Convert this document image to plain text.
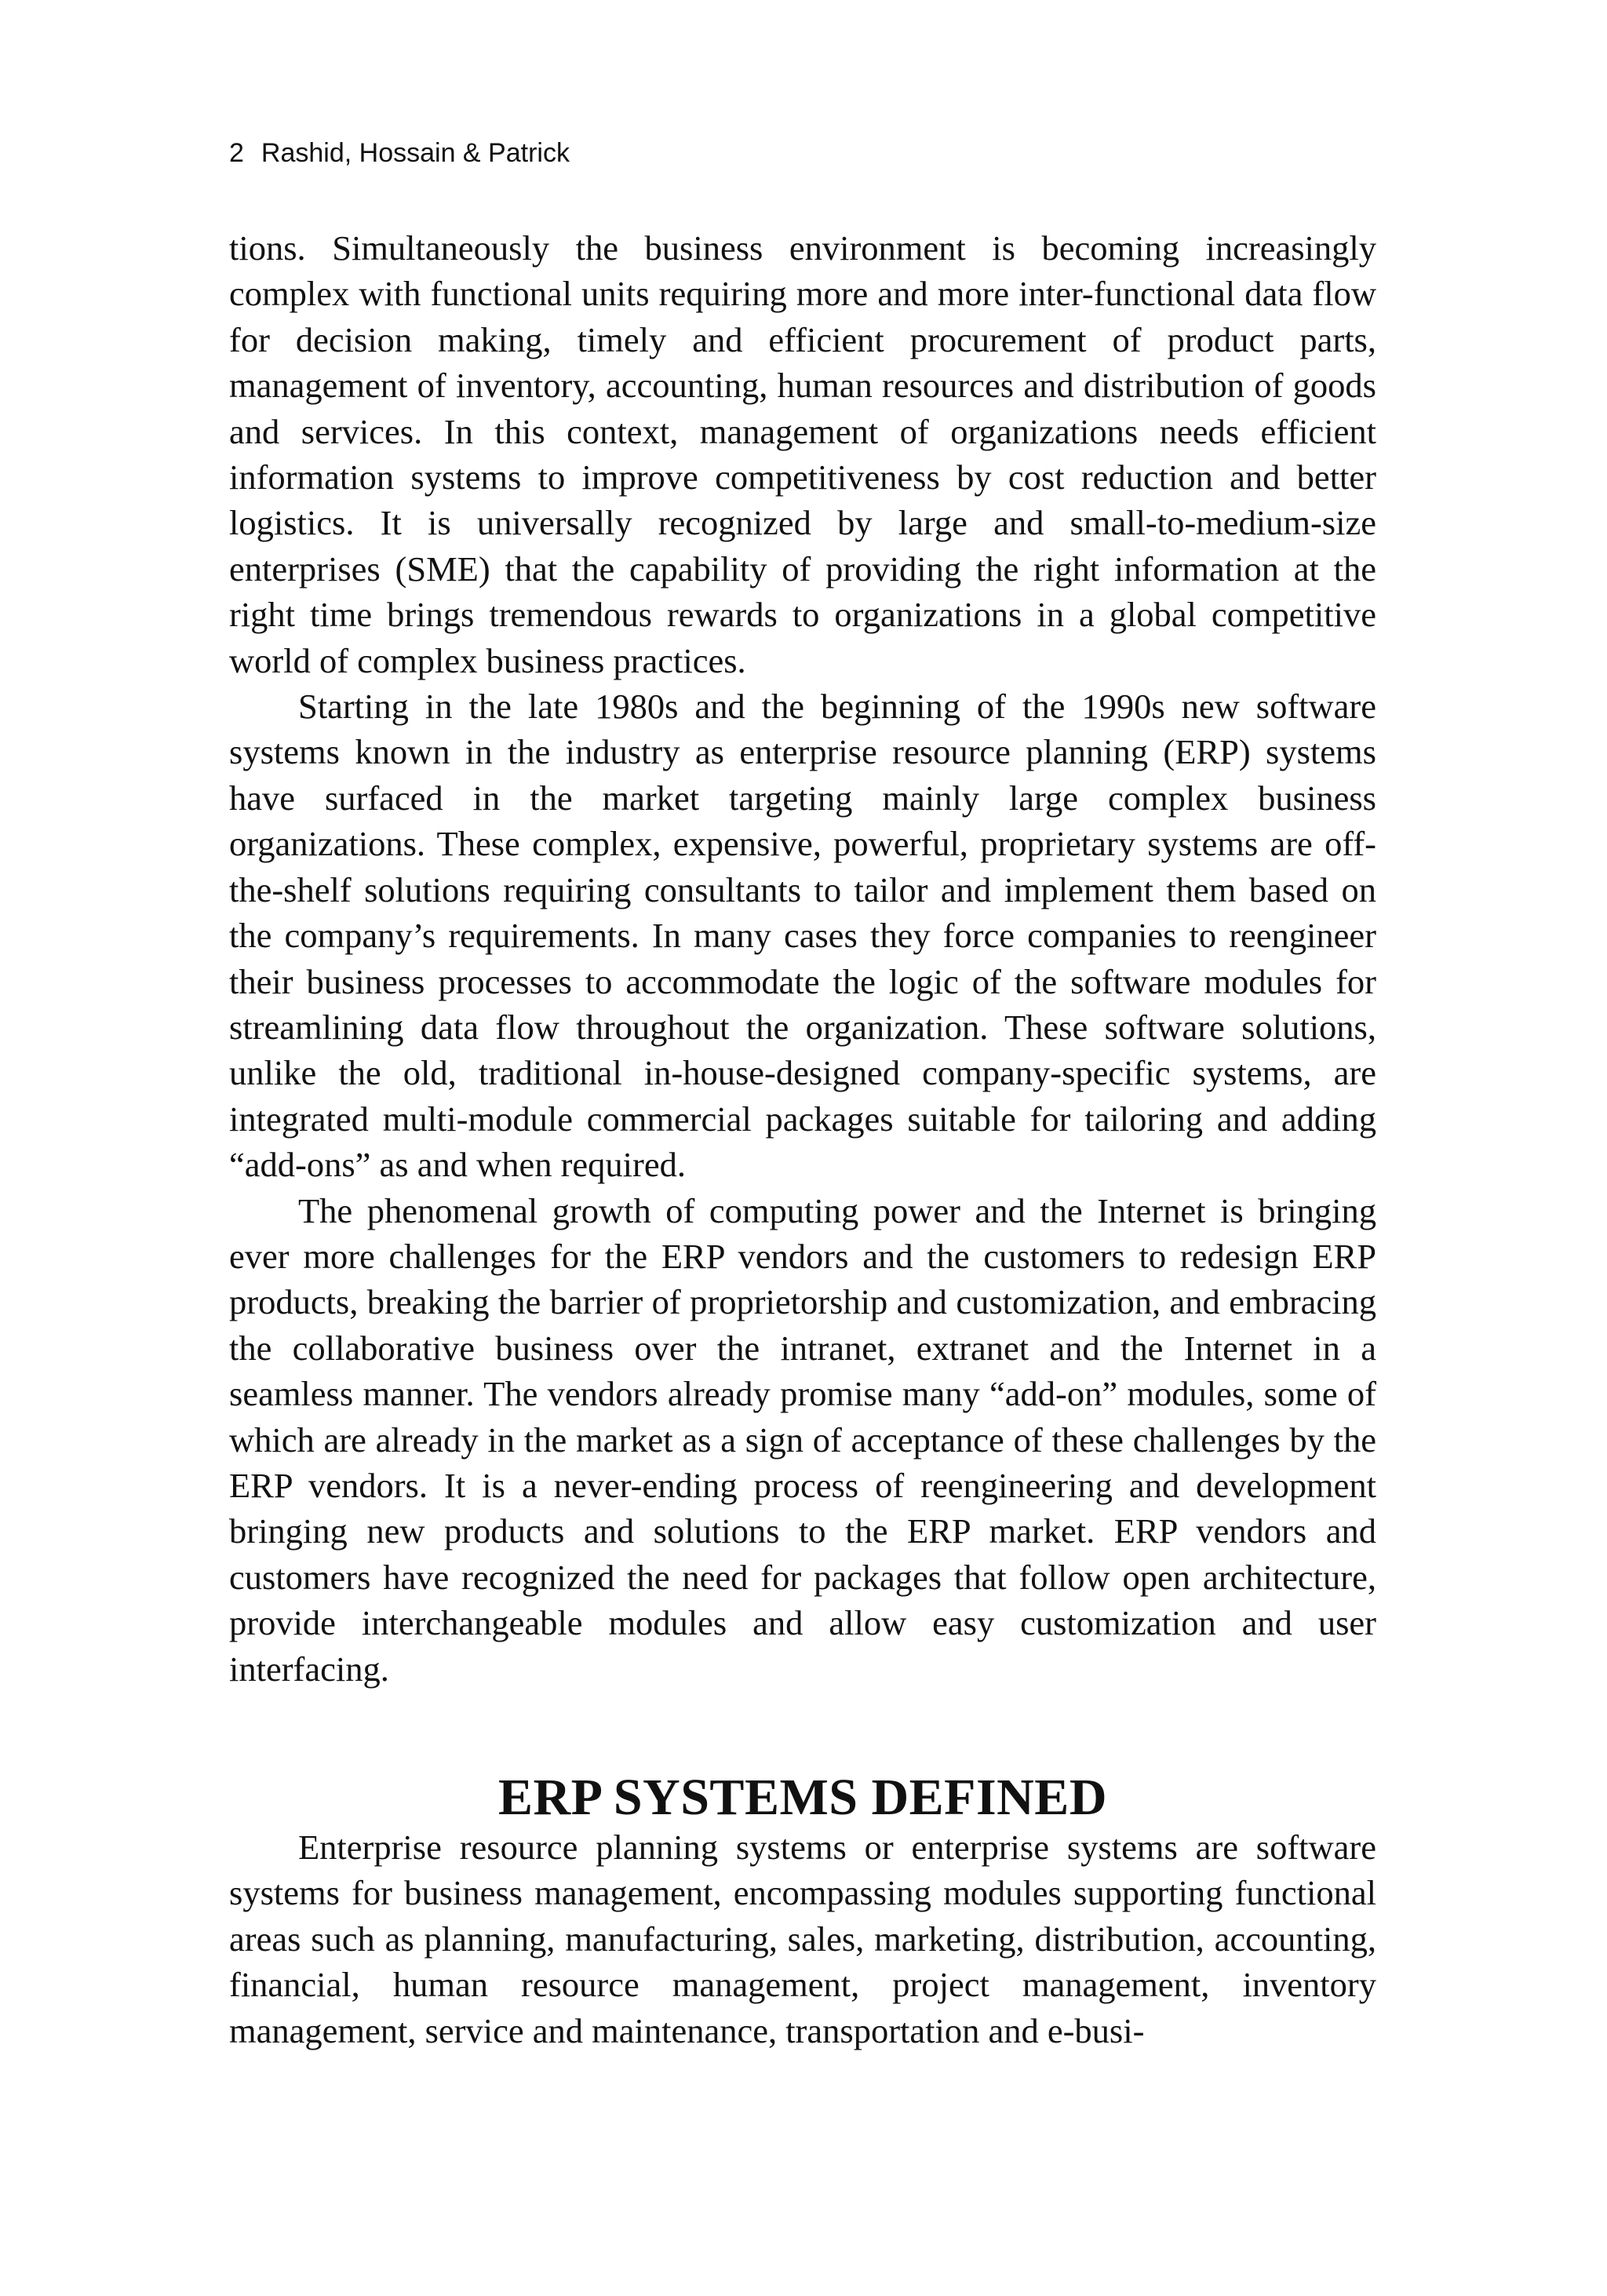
2 Rashid, Hossain & Patrick

tions. Simultaneously the business environment is becoming increasingly complex with functional units requiring more and more inter-functional data flow for decision making, timely and efficient procurement of product parts, management of inventory, accounting, human resources and distribution of goods and services. In this context, management of organizations needs efficient information systems to improve competitiveness by cost reduction and better logistics. It is universally recognized by large and small-to-medium-size enterprises (SME) that the capability of providing the right information at the right time brings tremendous rewards to organizations in a global competitive world of complex business practices.

Starting in the late 1980s and the beginning of the 1990s new software systems known in the industry as enterprise resource planning (ERP) systems have surfaced in the market targeting mainly large complex business organizations. These complex, expensive, powerful, proprietary systems are off-the-shelf solutions requiring consultants to tailor and implement them based on the company’s requirements. In many cases they force companies to reengineer their business processes to accommodate the logic of the software modules for streamlining data flow throughout the organization. These software solutions, unlike the old, traditional in-house-designed company-specific systems, are integrated multi-module commercial packages suitable for tailoring and adding “add-ons” as and when required.

The phenomenal growth of computing power and the Internet is bringing ever more challenges for the ERP vendors and the customers to redesign ERP products, breaking the barrier of proprietorship and customization, and embracing the collaborative business over the intranet, extranet and the Internet in a seamless manner. The vendors already promise many “add-on” modules, some of which are already in the market as a sign of acceptance of these challenges by the ERP vendors. It is a never-ending process of reengineering and development bringing new products and solutions to the ERP market. ERP vendors and customers have recognized the need for packages that follow open architecture, provide interchangeable modules and allow easy customization and user interfacing.

ERP SYSTEMS DEFINED

Enterprise resource planning systems or enterprise systems are software systems for business management, encompassing modules supporting functional areas such as planning, manufacturing, sales, marketing, distribution, accounting, financial, human resource management, project management, inventory management, service and maintenance, transportation and e-busi-
